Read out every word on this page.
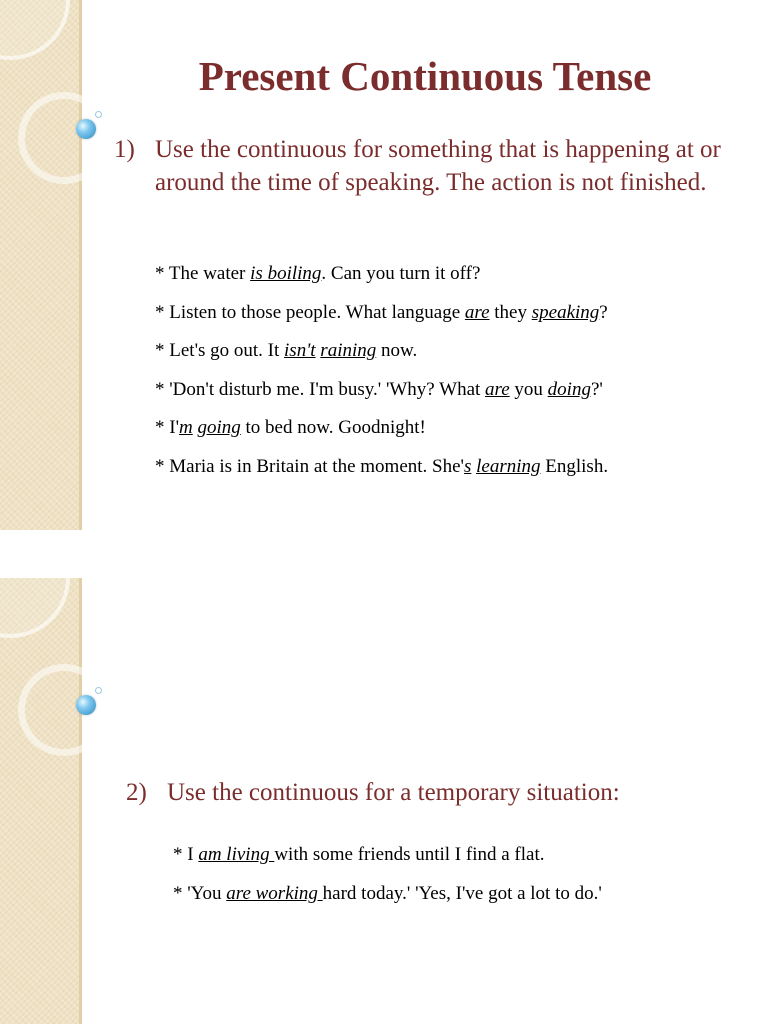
Present Continuous Tense
1) Use the continuous for something that is happening at or around the time of speaking. The action is not finished.
* The water is boiling. Can you turn it off?
* Listen to those people. What language are they speaking?
* Let's go out. It isn't raining now.
* 'Don't disturb me. I'm busy.' 'Why? What are you doing?'
* I'm going to bed now. Goodnight!
* Maria is in Britain at the moment. She's learning English.
2) Use the continuous for a temporary situation:
* I am living with some friends until I find a flat.
* 'You are working hard today.' 'Yes, I've got a lot to do.'
